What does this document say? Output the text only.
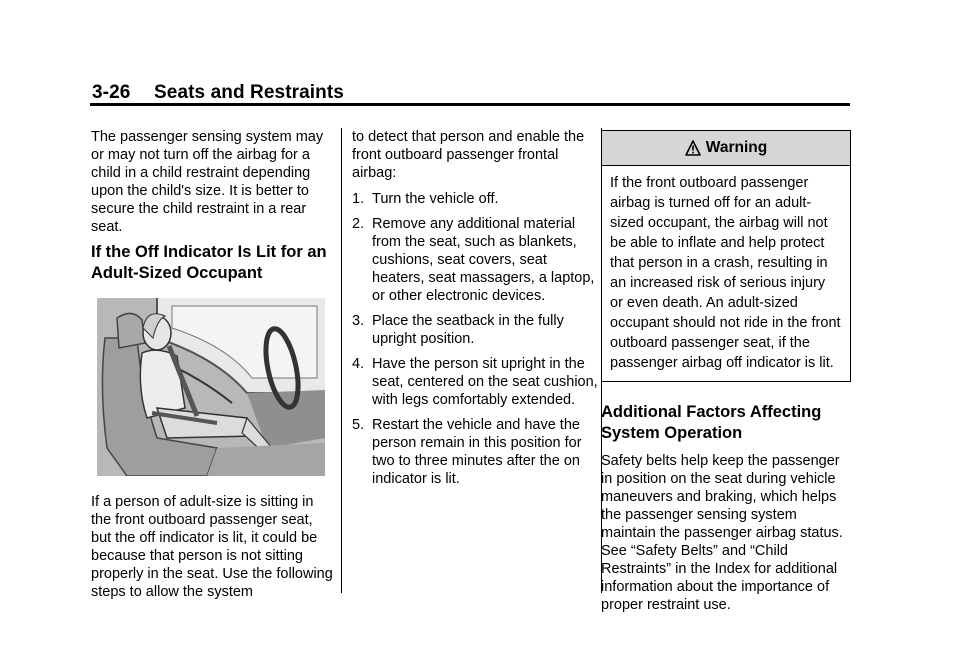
3-26 Seats and Restraints

The passenger sensing system may or may not turn off the airbag for a child in a child restraint depending upon the child's size. It is better to secure the child restraint in a rear seat.

If the Off Indicator Is Lit for an Adult-Sized Occupant

If a person of adult-size is sitting in the front outboard passenger seat, but the off indicator is lit, it could be because that person is not sitting properly in the seat. Use the following steps to allow the system

to detect that person and enable the front outboard passenger frontal airbag:

1. Turn the vehicle off.
2. Remove any additional material from the seat, such as blankets, cushions, seat covers, seat heaters, seat massagers, a laptop, or other electronic devices.
3. Place the seatback in the fully upright position.
4. Have the person sit upright in the seat, centered on the seat cushion, with legs comfortably extended.
5. Restart the vehicle and have the person remain in this position for two to three minutes after the on indicator is lit.
Warning
If the front outboard passenger airbag is turned off for an adult-sized occupant, the airbag will not be able to inflate and help protect that person in a crash, resulting in an increased risk of serious injury or even death. An adult-sized occupant should not ride in the front outboard passenger seat, if the passenger airbag off indicator is lit.
Additional Factors Affecting System Operation

Safety belts help keep the passenger in position on the seat during vehicle maneuvers and braking, which helps the passenger sensing system maintain the passenger airbag status. See “Safety Belts” and “Child Restraints” in the Index for additional information about the importance of proper restraint use.
